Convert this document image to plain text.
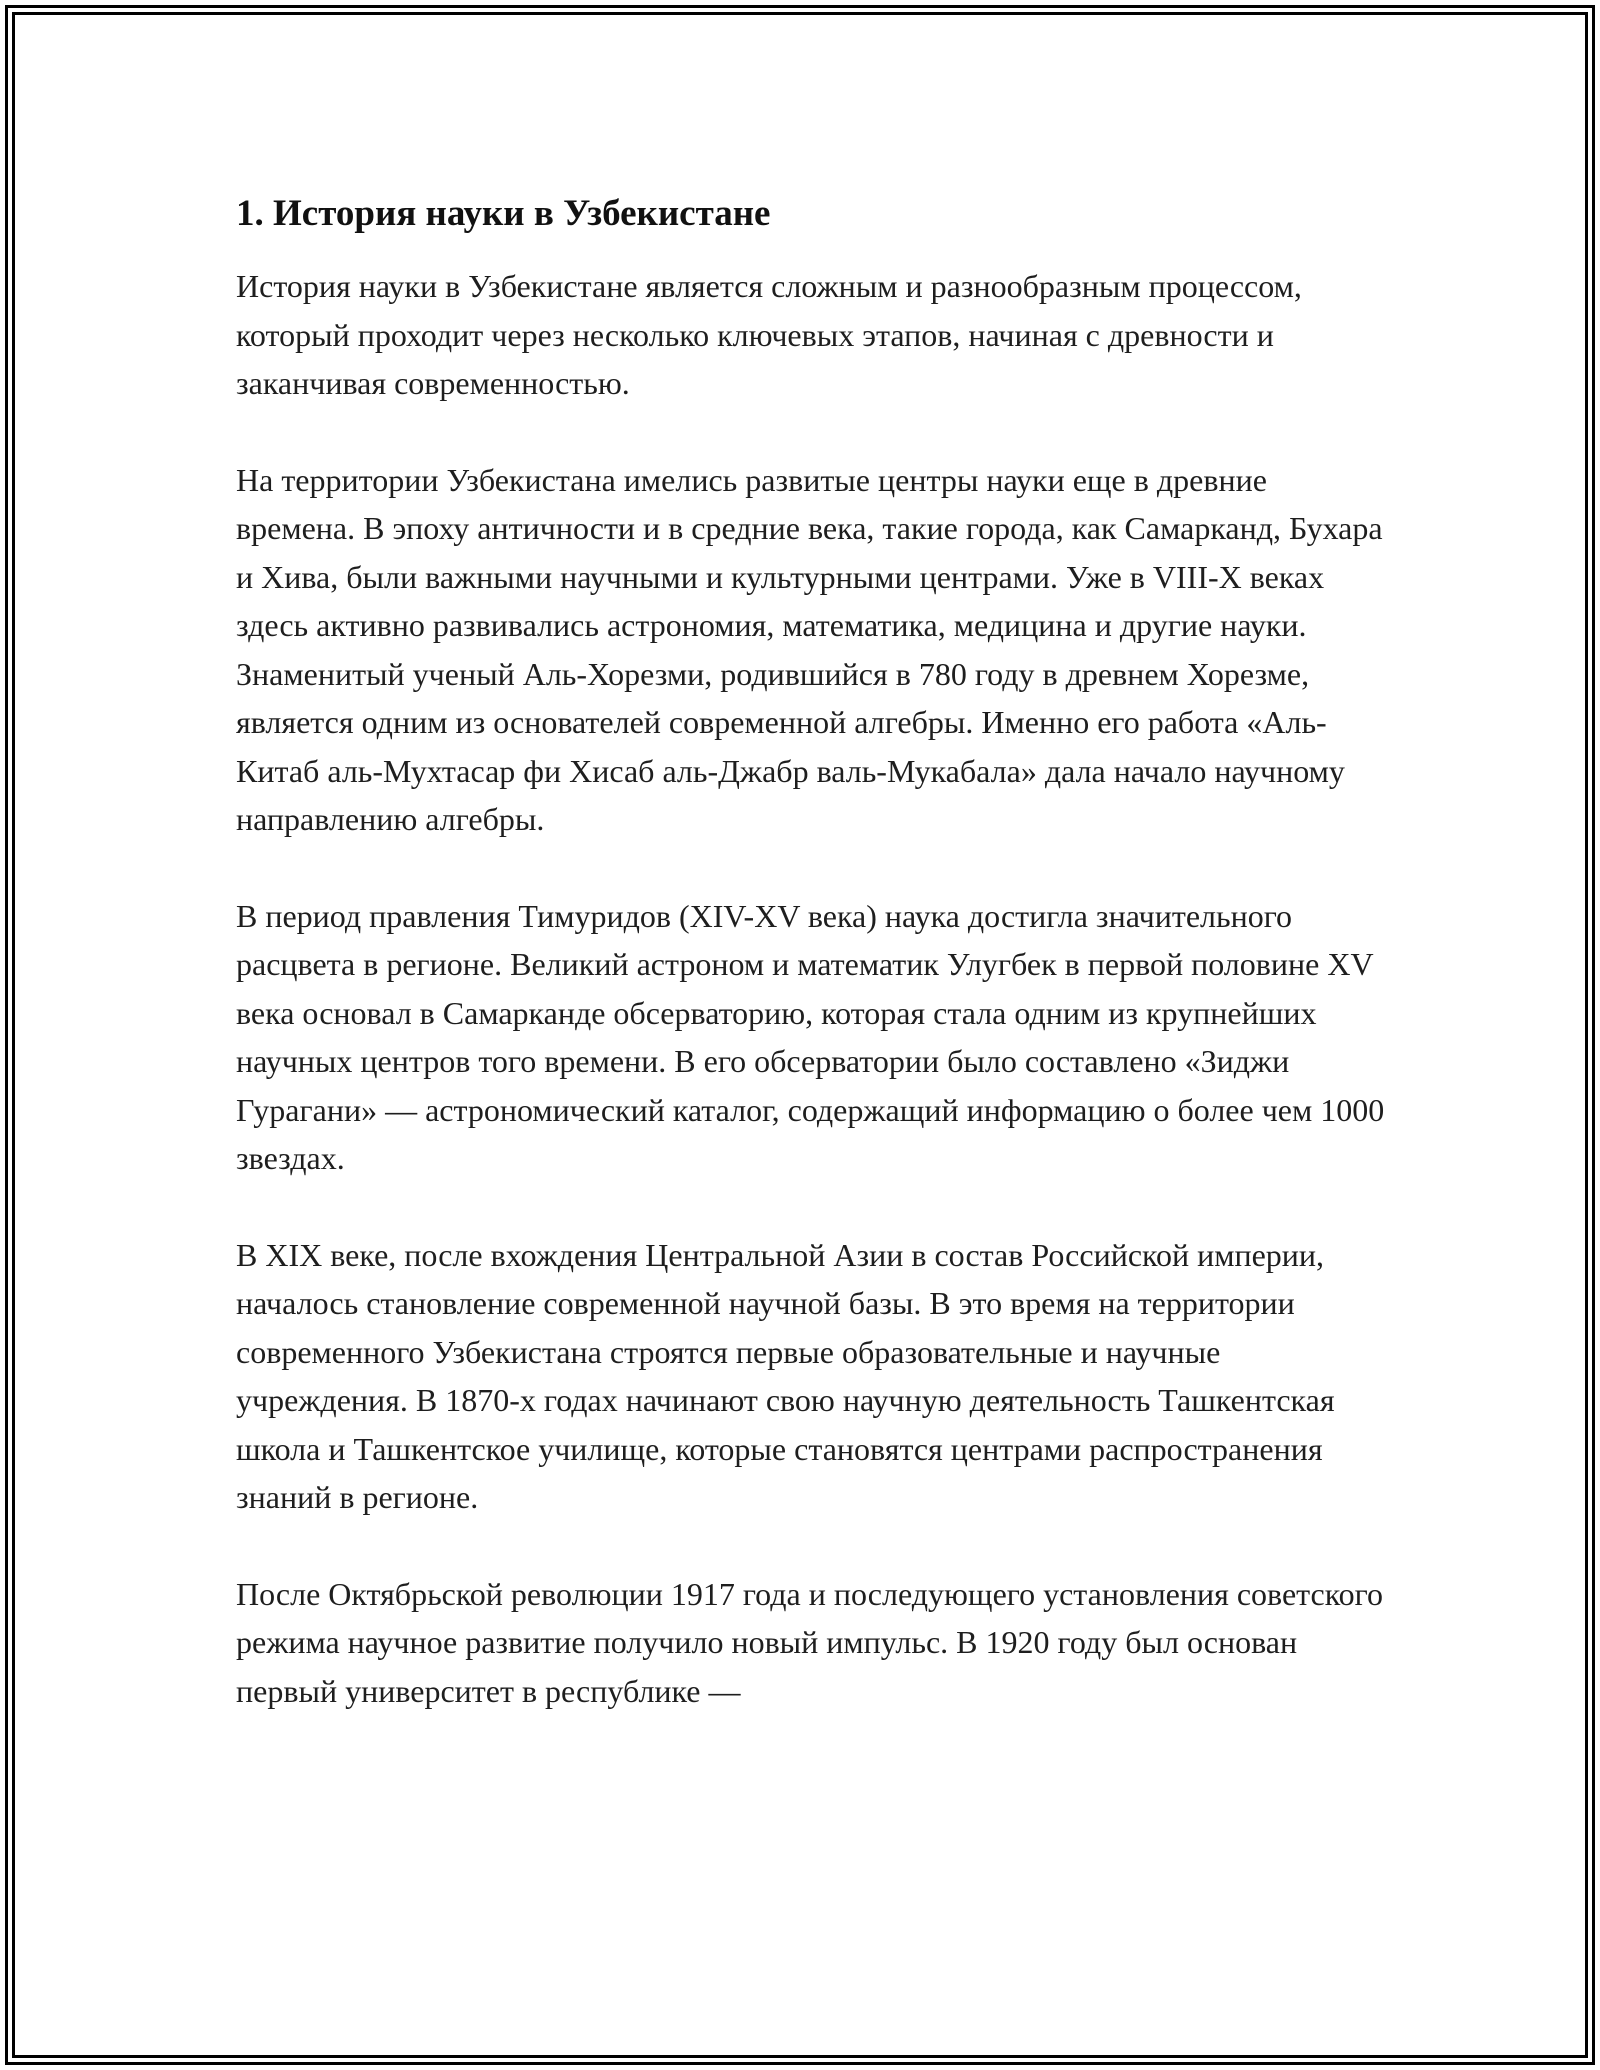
1. История науки в Узбекистане

История науки в Узбекистане является сложным и разнообразным процессом, который проходит через несколько ключевых этапов, начиная с древности и заканчивая современностью.

На территории Узбекистана имелись развитые центры науки еще в древние времена. В эпоху античности и в средние века, такие города, как Самарканд, Бухара и Хива, были важными научными и культурными центрами. Уже в VIII-X веках здесь активно развивались астрономия, математика, медицина и другие науки. Знаменитый ученый Аль-Хорезми, родившийся в 780 году в древнем Хорезме, является одним из основателей современной алгебры. Именно его работа «Аль-Китаб аль-Мухтасар фи Хисаб аль-Джабр валь-Мукабала» дала начало научному направлению алгебры.

В период правления Тимуридов (XIV-XV века) наука достигла значительного расцвета в регионе. Великий астроном и математик Улугбек в первой половине XV века основал в Самарканде обсерваторию, которая стала одним из крупнейших научных центров того времени. В его обсерватории было составлено «Зиджи Гурагани» — астрономический каталог, содержащий информацию о более чем 1000 звездах.

В XIX веке, после вхождения Центральной Азии в состав Российской империи, началось становление современной научной базы. В это время на территории современного Узбекистана строятся первые образовательные и научные учреждения. В 1870-х годах начинают свою научную деятельность Ташкентская школа и Ташкентское училище, которые становятся центрами распространения знаний в регионе.

После Октябрьской революции 1917 года и последующего установления советского режима научное развитие получило новый импульс. В 1920 году был основан первый университет в республике —
